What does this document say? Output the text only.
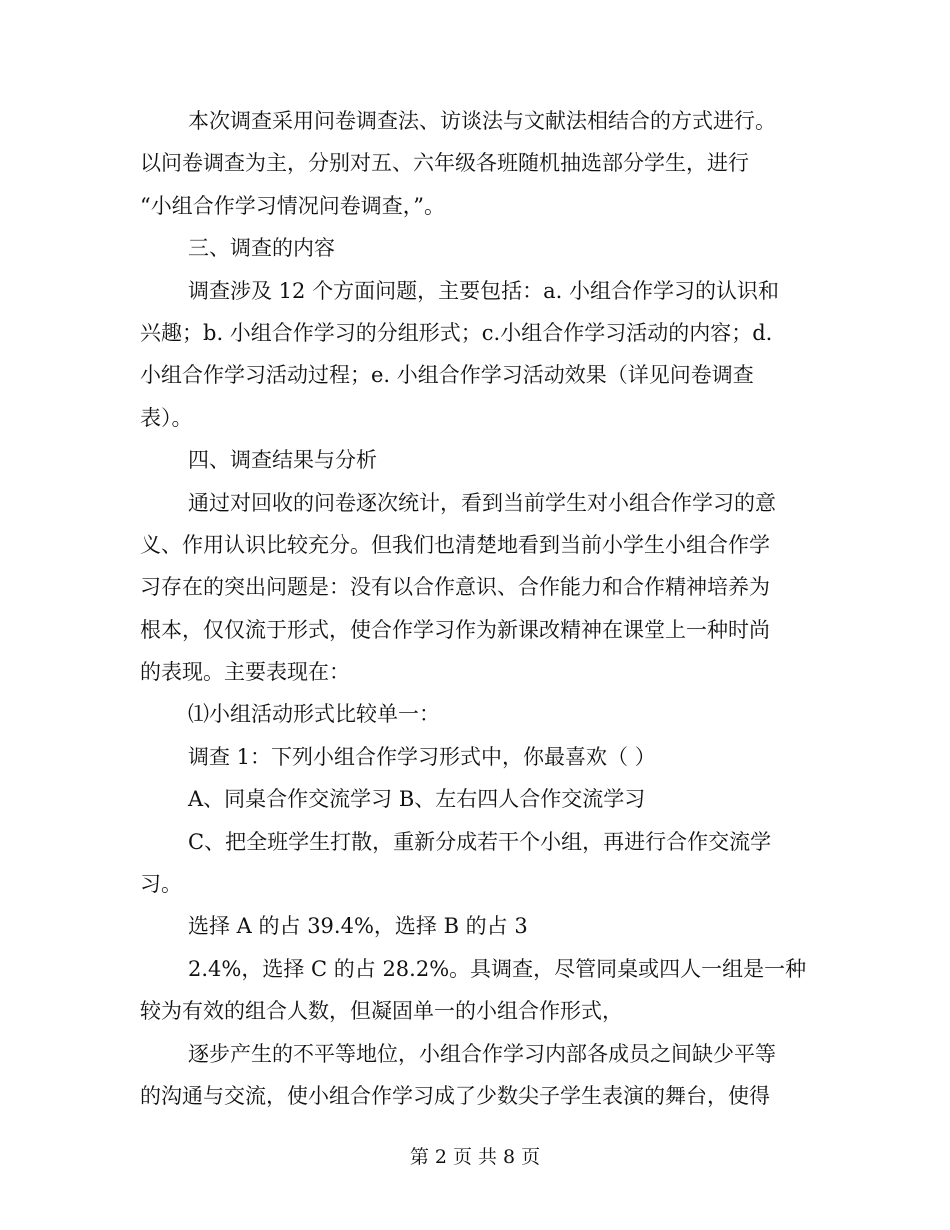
本次调查采用问卷调查法、访谈法与文献法相结合的方式进行。
以问卷调查为主，分别对五、六年级各班随机抽选部分学生，进行
“小组合作学习情况问卷调查，”。
三、调查的内容
调查涉及 12 个方面问题，主要包括：a. 小组合作学习的认识和
兴趣；b. 小组合作学习的分组形式；c.小组合作学习活动的内容；d.
小组合作学习活动过程；e. 小组合作学习活动效果（详见问卷调查
表）。
四、调查结果与分析
通过对回收的问卷逐次统计，看到当前学生对小组合作学习的意
义、作用认识比较充分。但我们也清楚地看到当前小学生小组合作学
习存在的突出问题是：没有以合作意识、合作能力和合作精神培养为
根本，仅仅流于形式，使合作学习作为新课改精神在课堂上一种时尚
的表现。主要表现在：
⑴小组活动形式比较单一：
调查 1：下列小组合作学习形式中，你最喜欢（ ）
A、同桌合作交流学习 B、左右四人合作交流学习
C、把全班学生打散，重新分成若干个小组，再进行合作交流学
习。
选择 A 的占 39.4%，选择 B 的占 3
2.4%，选择 C 的占 28.2%。具调查，尽管同桌或四人一组是一种
较为有效的组合人数，但凝固单一的小组合作形式，
逐步产生的不平等地位，小组合作学习内部各成员之间缺少平等
的沟通与交流，使小组合作学习成了少数尖子学生表演的舞台，使得
第 2 页 共 8 页
